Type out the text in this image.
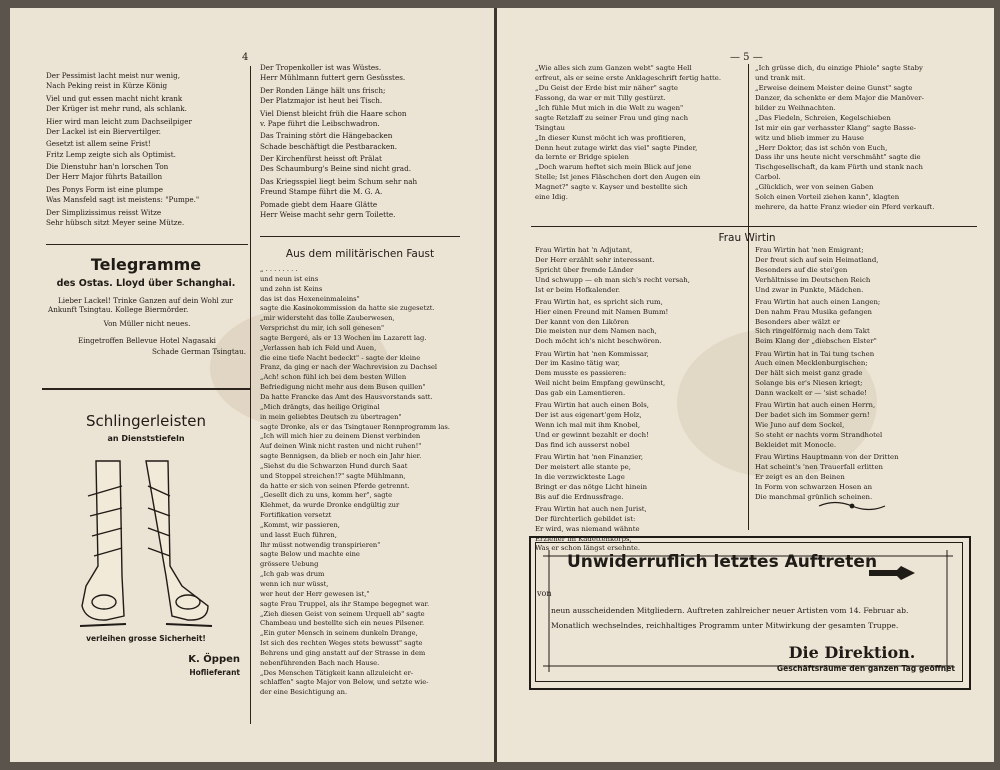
4

Der Pessimist lacht meist nur wenig,

Nach Peking reist in Kürze König

Viel und gut essen macht nicht krank

Der Krüger ist mehr rund, als schlank.

Hier wird man leicht zum Dachseilpiger

Der Lackel ist ein Biervertilger.

Gesetzt ist allem seine Frist!

Fritz Lemp zeigte sich als Optimist.

Die Dienstuhr han'n lorschen Ton

Der Herr Major führts Bataillon

Des Ponys Form ist eine plumpe

Was Mansfeld sagt ist meistens: "Pumpe."

Der Simplizissimus reisst Witze

Sehr hübsch sitzt Meyer seine Mütze.

Der Tropenkoller ist was Wüstes.

Herr Mühlmann futtert gern Gesüsstes.

Der Ronden Länge hält uns frisch;

Der Platzmajor ist heut bei Tisch.

Viel Dienst bleicht früh die Haare schon

v. Pape führt die Leibschwadron.

Das Training stört die Hängebacken

Schade beschäftigt die Pestbaracken.

Der Kirchenfürst heisst oft Prälat

Des Schaumburg's Beine sind nicht grad.

Das Kriegsspiel liegt beim Schum sehr nah

Freund Stampe führt die M. G. A.

Pomade giebt dem Haare Glätte

Herr Weise macht sehr gern Toilette.

Telegramme
des Ostas. Lloyd über Schanghai.

Lieber Lackel! Trinke Ganzen auf dein Wohl zur Ankunft Tsingtau. Kollege Biermörder.

Von Müller nicht neues.

Eingetroffen Bellevue Hotel Nagasaki

Schade German Tsingtau.

Schlingerleisten
an Dienststiefeln
verleihen grosse Sicherheit!
K. Öppen
Hoflieferant
Aus dem militärischen Faust

„ . . . . . . . .

und neun ist eins

und zehn ist Keins

das ist das Hexeneinmaleins"

sagte die Kasinokommission da hatte sie zugesetzt.

„mir widersteht das tolle Zauberwesen,

Versprichst du mir, ich soll genesen"

sagte Bergeré, als er 13 Wochen im Lazarett lag.

„Verlassen hab ich Feld und Auen,

die eine tiefe Nacht bedeckt" - sagte der kleine

Franz, da ging er nach der Wachrevision zu Dachsel

„Ach! schon fühl ich bei dem besten Willen

Befriedigung nicht mehr aus dem Busen quillen"

Da hatte Francke das Amt des Hausvorstands satt.

„Mich drängts, das heilige Original

in mein geliebtes Deutsch zu übertragen"

sagte Dronke, als er das Tsingtauer Rennprogramm las.

„Ich will mich hier zu deinem Dienst verbinden

Auf deinen Wink nicht rasten und nicht ruhen!"

sagte Bennigsen, da blieb er noch ein Jahr hier.

„Siehst du die Schwarzen Hund durch Saat

und Stoppel streichen!?" sagte Mühlmann,

da hatte er sich von seinen Pferde getrennt.

„Gesellt dich zu uns, komm her", sagte

Klehmet, da wurde Dronke endgültig zur

Fortifikation versetzt

„Kommt, wir passieren,

und lasst Euch führen,

Ihr müsst notwendig transpirieren"

sagte Below und machte eine

grössere Uebung

„Ich gab was drum

wenn ich nur wüsst,

wer heut der Herr gewesen ist,"

sagte Frau Truppel, als ihr Stampe begegnet war.

„Zieh diesen Geist von seinem Urquell ab" sagte

Chambeau und bestellte sich ein neues Pilsener.

„Ein guter Mensch in seinem dunkeln Drange,

Ist sich des rechten Weges stets bewusst" sagte

Behrens und ging anstatt auf der Strasse in dem

nebenführenden Bach nach Hause.

„Des Menschen Tätigkeit kann allzuleicht er-

schlaffen" sagte Major von Below, und setzte wie-

der eine Besichtigung an.

— 5 —

„Wie alles sich zum Ganzen webt" sagte Hell

erfreut, als er seine erste Anklageschrift fertig hatte.

„Du Geist der Erde bist mir näher" sagte

Fassong, da war er mit Tilly gestürzt.

„Ich fühle Mut mich in die Welt zu wagen"

sagte Retzlaff zu seiner Frau und ging nach

Tsingtau

„In dieser Kunst möcht ich was profitieren,

Denn heut zutage wirkt das viel" sagte Pinder,

da lernte er Bridge spielen

„Doch warum heftet sich mein Blick auf jene

Stelle; Ist jenes Fläschchen dort den Augen ein

Magnet?" sagte v. Kayser und bestellte sich

eine Idig.

„Ich grüsse dich, du einzige Phiole" sagte Staby

und trank mit.

„Erweise deinem Meister deine Gunst" sagte

Danzer, da schenkte er dem Major die Manöver-

bilder zu Weihnachten.

„Das Fiedeln, Schreien, Kegelschieben

Ist mir ein gar verhasster Klang" sagte Basse-

witz und blieb immer zu Hause

„Herr Doktor, das ist schön von Euch,

Dass ihr uns heute nicht verschmäht" sagte die

Tischgesellschaft, da kam Fürth und stank nach

Carbol.

„Glücklich, wer von seinen Gaben

Solch einen Vorteil ziehen kann", klagten

mehrere, da hatte Franz wieder ein Pferd verkauft.

Frau Wirtin

Frau Wirtin hat 'n Adjutant,

Der Herr erzählt sehr interessant.

Spricht über fremde Länder

Und schwupp — eh man sich's recht versah,

Ist er beim Hofkalender.

Frau Wirtin hat, es spricht sich rum,

Hier einen Freund mit Namen Bumm!

Der kannt von den Likören

Die meisten nur dem Namen nach,

Doch möcht ich's nicht beschwören.

Frau Wirtin hat 'nen Kommissar,

Der im Kasino tätig war,

Dem musste es passieren:

Weil nicht beim Empfang gewünscht,

Das gab ein Lamentieren.

Frau Wirtin hat auch einen Bols,

Der ist aus eigenart'gem Holz,

Wenn ich mal mit ihm Knobel,

Und er gewinnt bezahlt er doch!

Das find ich ausserst nobel

Frau Wirtin hat 'nen Finanzier,

Der meistert alle stante pe,

In die verzwickteste Lage

Bringt er das nötge Licht hinein

Bis auf die Erdnussfrage.

Frau Wirtin hat auch nen Jurist,

Der fürchterlich gebildet ist:

Er wird, was niemand wähnte

Erzieher im Kadettenkorps,

Was er schon längst ersehnte.

Frau Wirtin hat 'nen Emigrant;

Der freut sich auf sein Heimatland,

Besonders auf die stei'gen

Verhältnisse im Deutschen Reich

Und zwar in Punkte, Mädchen.

Frau Wirtin hat auch einen Langen;

Den nahm Frau Musika gefangen

Besonders aber wälzt er

Sich ringelförmig nach dem Takt

Beim Klang der „diebschen Elster"

Frau Wirtin hat in Tai tung tschen

Auch einen Mecklenburgischen;

Der hält sich meist ganz grade

Solange bis er's Niesen kriegt;

Dann wackelt er — 'sist schade!

Frau Wirtin hat auch einen Herrn,

Der badet sich im Sommer gern!

Wie Juno auf dem Sockel,

So steht er nachts vorm Strandhotel

Bekleidet mit Monocle.

Frau Wirtins Hauptmann von der Dritten

Hat scheint's 'nen Trauerfall erlitten

Er zeigt es an den Beinen

In Form von schwarzen Hosen an

Die manchmal grünlich scheinen.

Unwiderruflich letztes Auftreten
von

neun ausscheidenden Mitgliedern. Auftreten zahlreicher neuer Artisten vom 14. Februar ab.

Monatlich wechselndes, reichhaltiges Programm unter Mitwirkung der gesamten Truppe.

Die Direktion.
Geschäftsräume den ganzen Tag geöffnet
